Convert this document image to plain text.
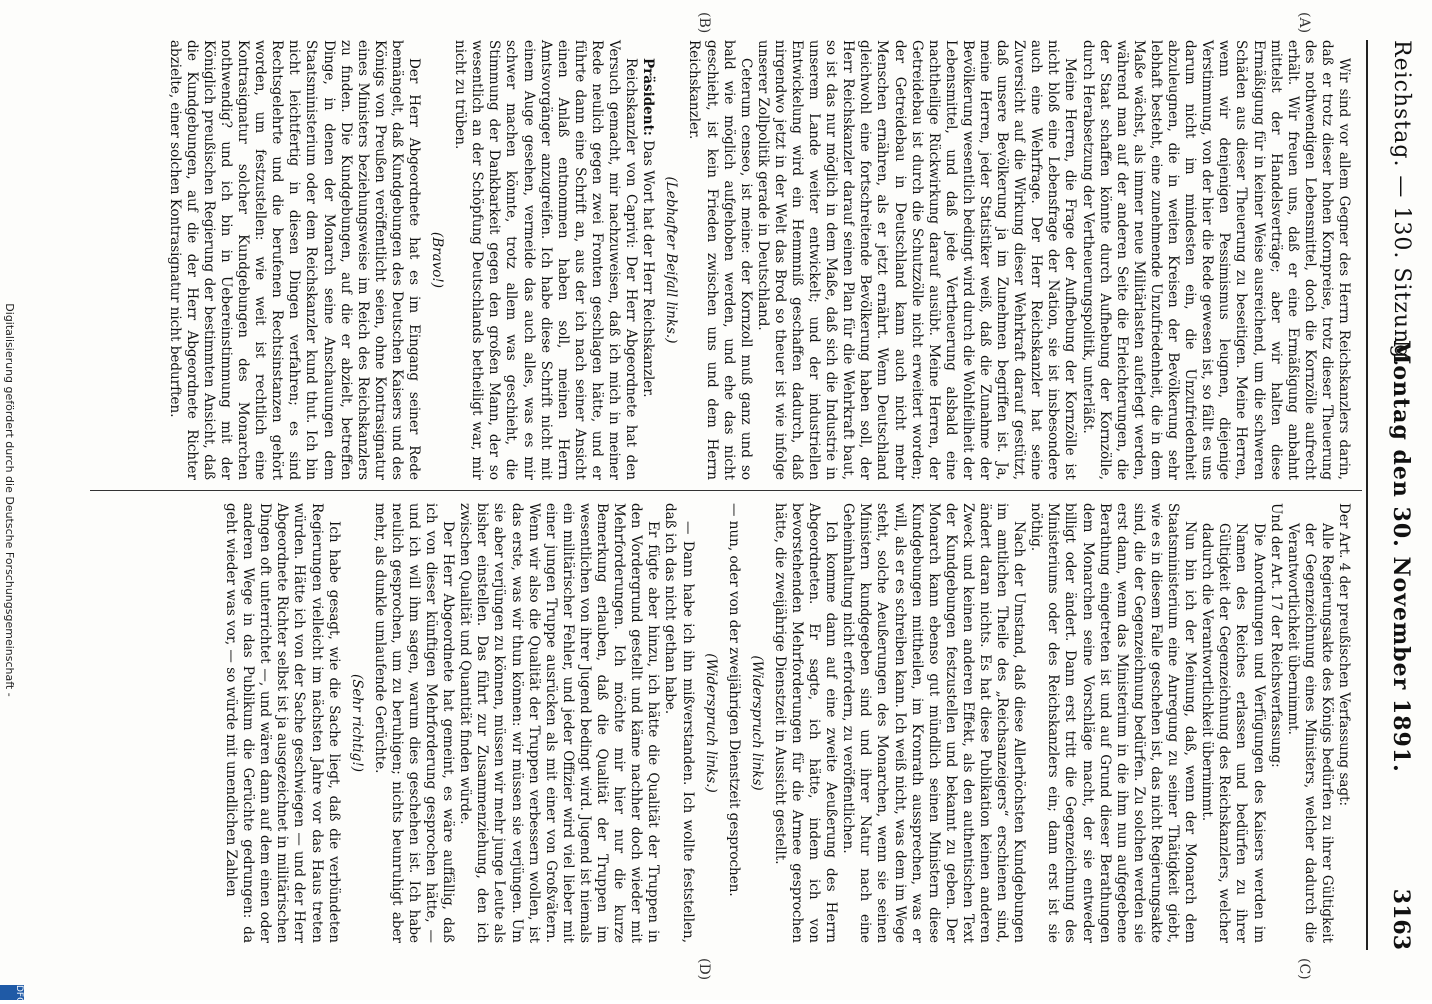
Reichstag. — 130. Sitzung.
Montag den 30. November 1891.
3163
(A)
(B)
(C)
(D)

Wir sind vor allem Gegner des Herrn Reichskanzlers darin, daß er trotz dieser hohen Kornpreise, trotz dieser Theuerung des nothwendigen Lebensmittel, doch die Kornzölle aufrecht erhält. Wir freuen uns, daß er eine Ermäßigung anbahnt mittelst der Handelsverträge; aber wir halten diese Ermäßigung für in keiner Weise ausreichend, um die schweren Schäden aus dieser Theuerung zu beseitigen. Meine Herren, wenn wir denjenigen Pessimismus leugnen, diejenige Verstimmung, von der hier die Rede gewesen ist, so fällt es uns darum nicht im mindesten ein, die Unzufriedenheit abzuleugnen, die in weiten Kreisen der Bevölkerung sehr lebhaft besteht, eine zunehmende Unzufriedenheit, die in dem Maße wächst, als immer neue Militärlasten auferlegt werden, während man auf der anderen Seite die Erleichterungen, die der Staat schaffen könnte durch Aufhebung der Kornzölle, durch Herabsetzung der Vertheuerungspolitik, unterläßt.

Meine Herren, die Frage der Aufhebung der Kornzölle ist nicht bloß eine Lebensfrage der Nation, sie ist insbesondere auch eine Wehrfrage. Der Herr Reichskanzler hat seine Zuversicht auf die Wirkung dieser Wehrkraft darauf gestützt, daß unsere Bevölkerung ja im Zunehmen begriffen ist. Ja, meine Herren, jeder Statistiker weiß, daß die Zunahme der Bevölkerung wesentlich bedingt wird durch die Wohlfeilheit der Lebensmittel, und daß jede Vertheuerung alsbald eine nachtheilige Rückwirkung darauf ausübt. Meine Herren, der Getreidebau ist durch die Schutzzölle nicht erweitert worden; der Getreidebau in Deutschland kann auch nicht mehr Menschen ernähren, als er jetzt ernährt. Wenn Deutschland gleichwohl eine fortschreitende Bevölkerung haben soll, der Herr Reichskanzler darauf seinen Plan für die Wehrkraft baut, so ist das nur möglich in dem Maße, daß sich die Industrie in unserem Lande weiter entwickelt; und der industriellen Entwickelung wird ein Hemmniß geschaffen dadurch, daß nirgendwo jetzt in der Welt das Brod so theuer ist wie infolge unserer Zollpolitik gerade in Deutschland.

Ceterum censeo, ist meine: der Kornzoll muß ganz und so bald wie möglich aufgehoben werden, und ehe das nicht geschieht, ist kein Frieden zwischen uns und dem Herrn Reichskanzler.

(Lebhafter Beifall links.)

Präsident: Das Wort hat der Herr Reichskanzler.

Reichskanzler von Caprivi: Der Herr Abgeordnete hat den Versuch gemacht, mir nachzuweisen, daß ich mich in meiner Rede neulich gegen zwei Fronten geschlagen hätte, und er führte dann eine Schrift an, aus der ich nach seiner Ansicht einen Anlaß entnommen haben soll, meinen Herrn Amtsvorgänger anzugreifen. Ich habe diese Schrift nicht mit einem Auge gesehen, vermeide das auch alles, was es mir schwer machen könnte, trotz allem was geschieht, die Stimmung der Dankbarkeit gegen den großen Mann, der so wesentlich an der Schöpfung Deutschlands betheiligt war, mir nicht zu trüben.

(Bravo!)

Der Herr Abgeordnete hat es im Eingang seiner Rede bemängelt, daß Kundgebungen des Deutschen Kaisers und des Königs von Preußen veröffentlicht seien, ohne Kontrasignatur eines Ministers beziehungsweise im Reich des Reichskanzlers zu finden. Die Kundgebungen, auf die er abzielt, betreffen Dinge, in denen der Monarch seine Anschauungen dem Staatsministerium oder dem Reichskanzler kund thut. Ich bin nicht leichtfertig in diesen Dingen verfahren; es sind Rechtsgelehrte und die berufenen Rechtsinstanzen gehört worden, um festzustellen: wie weit ist rechtlich eine Kontrasignatur solcher Kundgebungen des Monarchen nothwendig? und ich bin in Uebereinstimmung mit der Königlich preußischen Regierung der bestimmten Ansicht, daß die Kundgebungen, auf die der Herr Abgeordnete Richter abzielte, einer solchen Kontrasignatur nicht bedurften.

Der Art. 4 der preußischen Verfassung sagt:

Alle Regierungsakte des Königs bedürfen zu ihrer Gültigkeit der Gegenzeichnung eines Ministers, welcher dadurch die Verantwortlichkeit übernimmt.

Und der Art. 17 der Reichsverfassung:

Die Anordnungen und Verfügungen des Kaisers werden im Namen des Reiches erlassen und bedürfen zu ihrer Gültigkeit der Gegenzeichnung des Reichskanzlers, welcher dadurch die Verantwortlichkeit übernimmt.

Nun bin ich der Meinung, daß, wenn der Monarch dem Staatsministerium eine Anregung zu seiner Thätigkeit giebt, wie es in diesem Falle geschehen ist, das nicht Regierungsakte sind, die der Gegenzeichnung bedürfen. Zu solchen werden sie erst dann, wenn das Ministerium in die ihm nun aufgegebene Berathung eingetreten ist und auf Grund dieser Berathungen dem Monarchen seine Vorschläge macht, der sie entweder billigt oder ändert. Dann erst tritt die Gegenzeichnung des Ministeriums oder des Reichskanzlers ein; dann erst ist sie nöthig.

Nach der Umstand, daß diese Allerhöchsten Kundgebungen im amtlichen Theile des „Reichsanzeigers“ erschienen sind, ändert daran nichts. Es hat diese Publikation keinen anderen Zweck und keinen anderen Effekt, als den authentischen Text der Kundgebungen festzustellen und bekannt zu geben. Der Monarch kann ebenso gut mündlich seinen Ministern diese Kundgebungen mittheilen, im Kronrath aussprechen, was er will, als er es schreiben kann. Ich weiß nicht, was dem im Wege steht, solche Aeußerungen des Monarchen, wenn sie seinen Ministern kundgegeben sind und ihrer Natur nach eine Geheimhaltung nicht erfordern, zu veröffentlichen.

Ich komme dann auf eine zweite Aeußerung des Herrn Abgeordneten. Er sagte, ich hätte, indem ich von bevorstehenden Mehrforderungen für die Armee gesprochen hätte, die zweijährige Dienstzeit in Aussicht gestellt.

(Widerspruch links)

— nun, oder von der zweijährigen Dienstzeit gesprochen.

(Widerspruch links.)

— Dann habe ich ihn mißverstanden. Ich wollte feststellen, daß ich das nicht gethan habe.

Er fügte aber hinzu, ich hätte die Qualität der Truppen in den Vordergrund gestellt und käme nachher doch wieder mit Mehrforderungen. Ich möchte mir hier nur die kurze Bemerkung erlauben, daß die Qualität der Truppen im wesentlichen von ihrer Jugend bedingt wird. Jugend ist niemals ein militärischer Fehler, und jeder Offizier wird viel lieber mit einer jungen Truppe ausrücken als mit einer von Großvätern. Wenn wir also die Qualität der Truppen verbessern wollen, ist das erste, was wir thun können: wir müssen sie verjüngen. Um sie aber verjüngen zu können, müssen wir mehr junge Leute als bisher einstellen. Das führt zur Zusammenziehung, den ich zwischen Qualität und Quantität finden würde.

Der Herr Abgeordnete hat gemeint, es wäre auffällig, daß ich von dieser künftigen Mehrforderung gesprochen hätte, — und ich will ihm sagen, warum dies geschehen ist. Ich habe neulich gesprochen, um zu beruhigen; nichts beunruhigt aber mehr, als dunkle umlaufende Gerüchte.

(Sehr richtig!)

Ich habe gesagt, wie die Sache liegt, daß die verbündeten Regierungen vielleicht im nächsten Jahre vor das Haus treten würden. Hätte ich von der Sache geschwiegen — und der Herr Abgeordnete Richter selbst ist ja ausgezeichnet in militärischen Dingen oft unterrichtet —, und wären dann auf dem einen oder anderen Wege in das Publikum die Gerüchte gedrungen: da geht wieder was vor, — so würde mit unendlichen Zahlen

Digitalisierung gefördert durch die Deutsche Forschungsgemeinschaft -
DFG
